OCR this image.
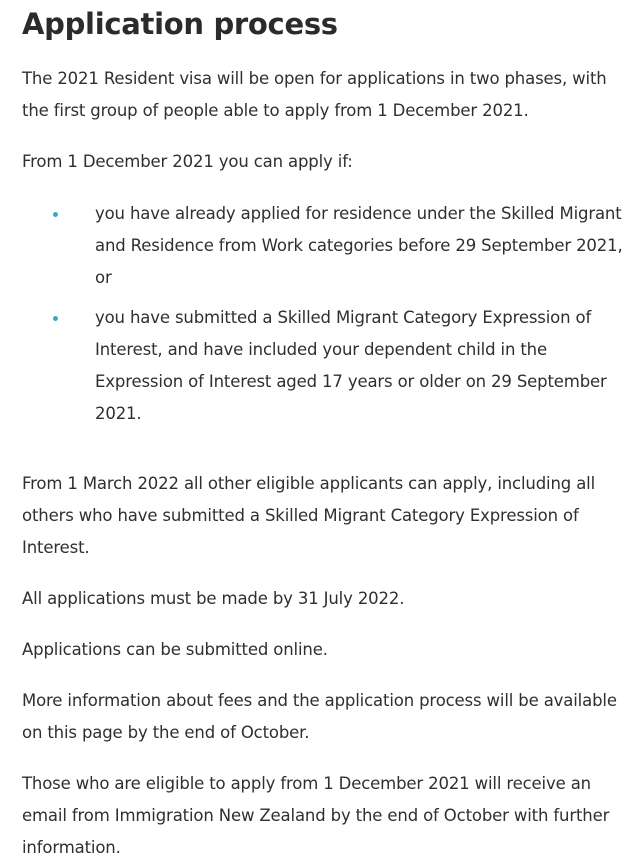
Application process

The 2021 Resident visa will be open for applications in two phases, with the first group of people able to apply from 1 December 2021.

From 1 December 2021 you can apply if:

you have already applied for residence under the Skilled Migrant and Residence from Work categories before 29 September 2021, or
you have submitted a Skilled Migrant Category Expression of Interest, and have included your dependent child in the Expression of Interest aged 17 years or older on 29 September 2021.

From 1 March 2022 all other eligible applicants can apply, including all others who have submitted a Skilled Migrant Category Expression of Interest.

All applications must be made by 31 July 2022.

Applications can be submitted online.

More information about fees and the application process will be available on this page by the end of October.

Those who are eligible to apply from 1 December 2021 will receive an email from Immigration New Zealand by the end of October with further information.
